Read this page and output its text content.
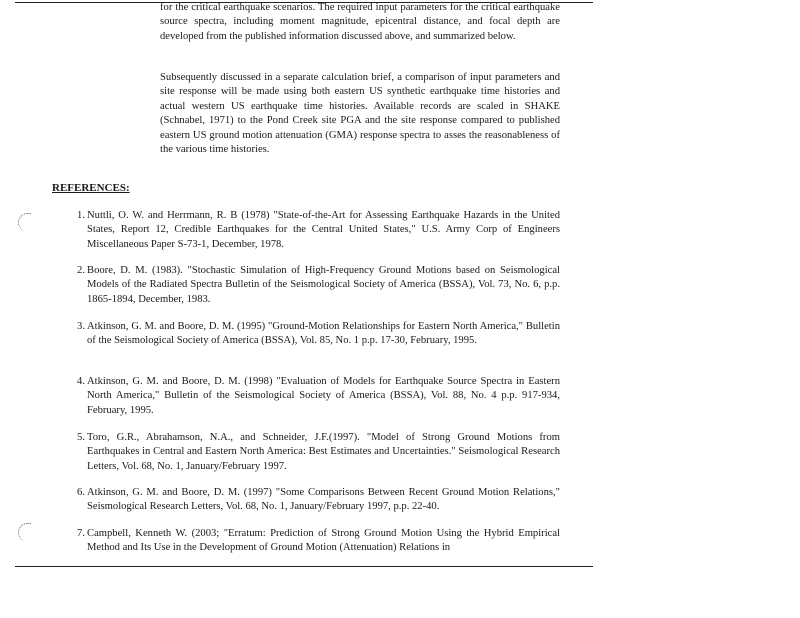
for the critical earthquake scenarios. The required input parameters for the critical earthquake source spectra, including moment magnitude, epicentral distance, and focal depth are developed from the published information discussed above, and summarized below.
Subsequently discussed in a separate calculation brief, a comparison of input parameters and site response will be made using both eastern US synthetic earthquake time histories and actual western US earthquake time histories. Available records are scaled in SHAKE (Schnabel, 1971) to the Pond Creek site PGA and the site response compared to published eastern US ground motion attenuation (GMA) response spectra to asses the reasonableness of the various time histories.
REFERENCES:
1. Nuttli, O. W. and Herrmann, R. B (1978) "State-of-the-Art for Assessing Earthquake Hazards in the United States, Report 12, Credible Earthquakes for the Central United States," U.S. Army Corp of Engineers Miscellaneous Paper S-73-1, December, 1978.
2. Boore, D. M. (1983). "Stochastic Simulation of High-Frequency Ground Motions based on Seismological Models of the Radiated Spectra Bulletin of the Seismological Society of America (BSSA), Vol. 73, No. 6, p.p. 1865-1894, December, 1983.
3. Atkinson, G. M. and Boore, D. M. (1995) "Ground-Motion Relationships for Eastern North America," Bulletin of the Seismological Society of America (BSSA), Vol. 85, No. 1 p.p. 17-30, February, 1995.
4. Atkinson, G. M. and Boore, D. M. (1998) "Evaluation of Models for Earthquake Source Spectra in Eastern North America," Bulletin of the Seismological Society of America (BSSA), Vol. 88, No. 4 p.p. 917-934, February, 1995.
5. Toro, G.R., Abrahamson, N.A., and Schneider, J.F.(1997). "Model of Strong Ground Motions from Earthquakes in Central and Eastern North America: Best Estimates and Uncertainties." Seismological Research Letters, Vol. 68, No. 1, January/February 1997.
6. Atkinson, G. M. and Boore, D. M. (1997) "Some Comparisons Between Recent Ground Motion Relations," Seismological Research Letters, Vol. 68, No. 1, January/February 1997, p.p. 22-40.
7. Campbell, Kenneth W. (2003; "Erratum: Prediction of Strong Ground Motion Using the Hybrid Empirical Method and Its Use in the Development of Ground Motion (Attenuation) Relations in
